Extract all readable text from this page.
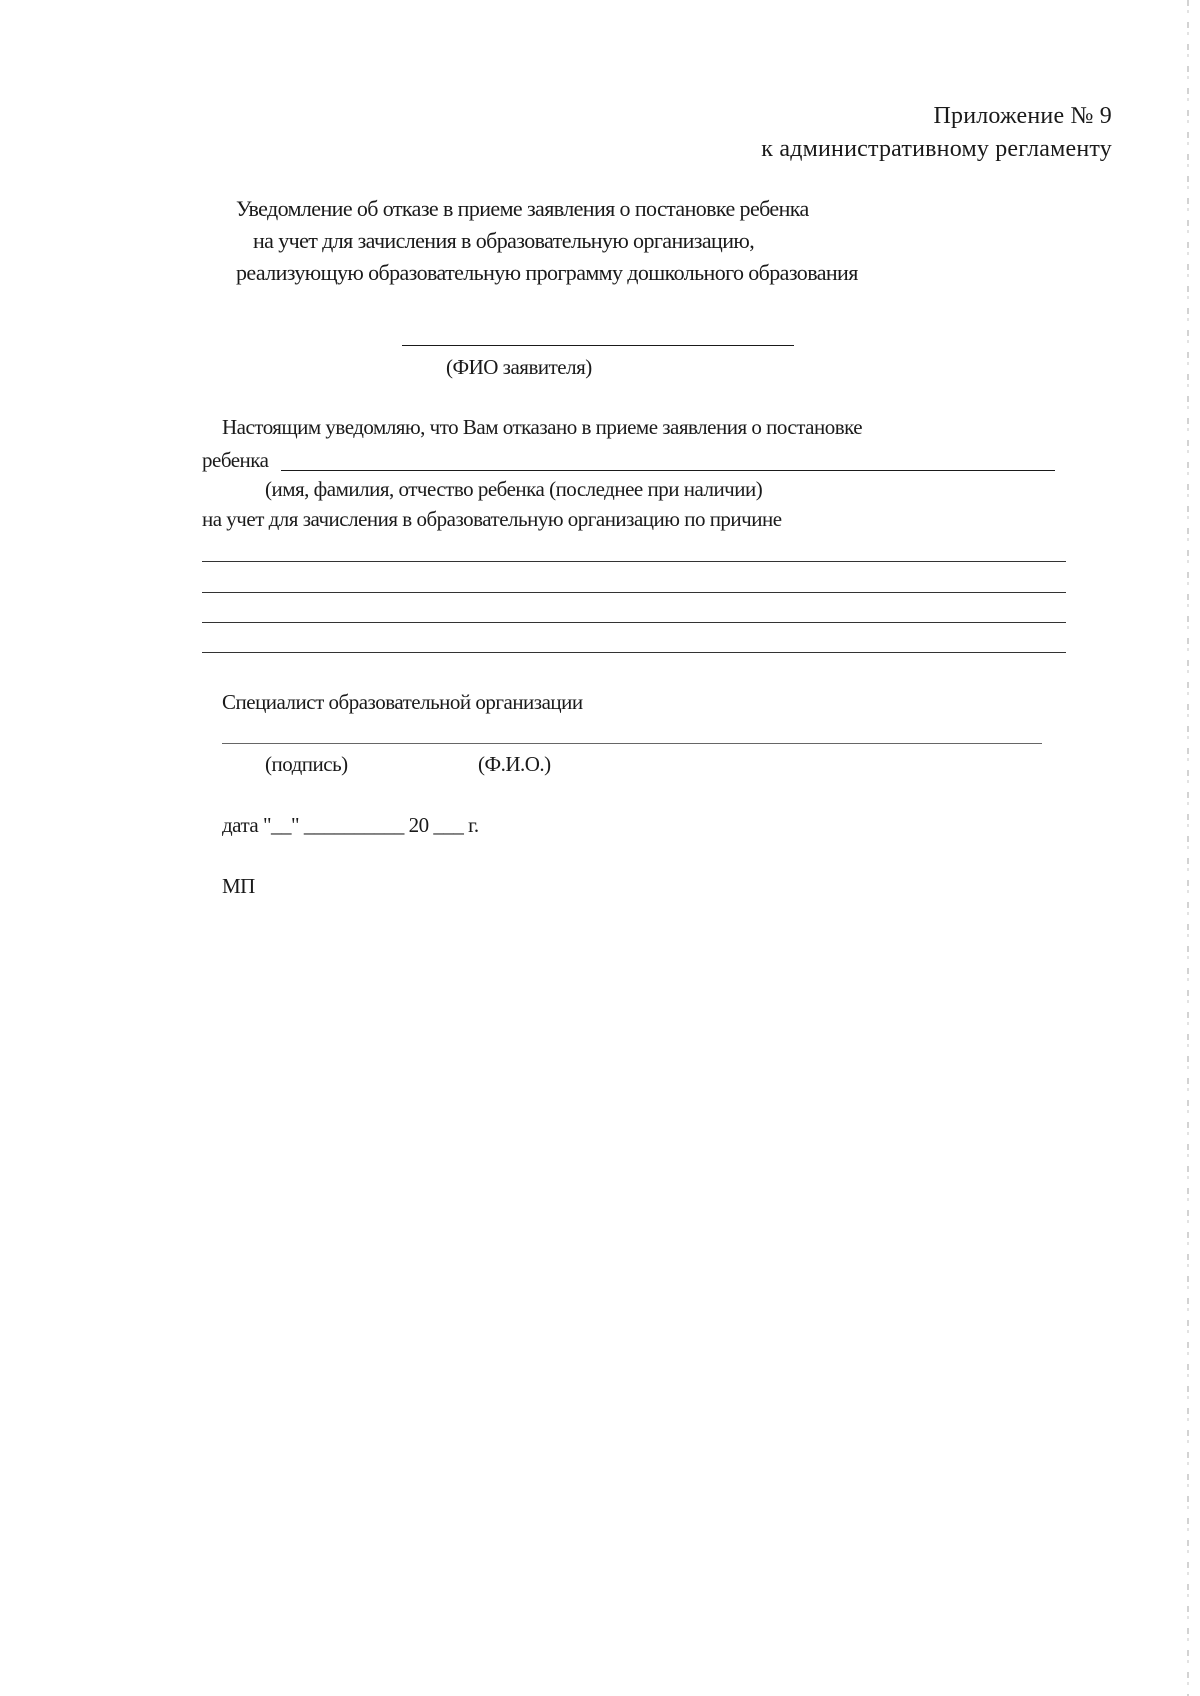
Приложение № 9
к административному регламенту
Уведомление об отказе в приеме заявления о постановке ребенка
на учет для зачисления в образовательную организацию,
реализующую образовательную программу дошкольного образования
(ФИО заявителя)
Настоящим уведомляю, что Вам отказано в приеме заявления о постановке
ребенка
(имя, фамилия, отчество ребенка (последнее при наличии)
на учет для зачисления в образовательную организацию по причине
Специалист образовательной организации
(подпись)	(Ф.И.О.)
дата "__" __________ 20 ___ г.
МП
